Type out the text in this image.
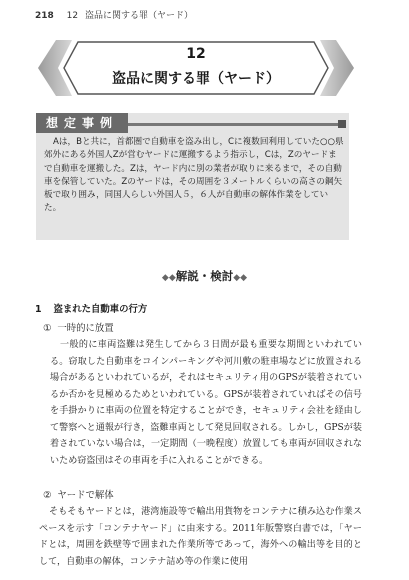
218 12 盗品に関する罪（ヤード）
12
盗品に関する罪（ヤード）
想定事例
Aは，Bと共に，首都圏で自動車を盗み出し，Cに複数回利用していた○○県郊外にある外国人Zが営むヤードに運搬するよう指示し，Cは，Zのヤードまで自動車を運搬した。Zは，ヤード内に別の業者が取りに来るまで，その自動車を保管していた。Zのヤードは，その周囲を３メートルくらいの高さの鋼矢板で取り囲み，同国人らしい外国人５，６人が自動車の解体作業をしていた。
◆◆解説・検討◆◆
1 盗まれた自動車の行方
① 一時的に放置
一般的に車両盗難は発生してから３日間が最も重要な期間といわれている。窃取した自動車をコインパーキングや河川敷の駐車場などに放置される場合があるといわれているが，それはセキュリティ用のGPSが装着されているか否かを見極めるためといわれている。GPSが装着されていればその信号を手掛かりに車両の位置を特定することができ，セキュリティ会社を経由して警察へと通報が行き，盗難車両として発見回収される。しかし，GPSが装着されていない場合は，一定期間（一晩程度）放置しても車両が回収されないため窃盗団はその車両を手に入れることができる。
② ヤードで解体
そもそもヤードとは，港湾施設等で輸出用貨物をコンテナに積み込む作業スペースを示す「コンテナヤード」に由来する。2011年版警察白書では，「ヤードとは，周囲を鉄壁等で囲まれた作業所等であって，海外への輸出等を目的として，自動車の解体，コンテナ詰め等の作業に使用
